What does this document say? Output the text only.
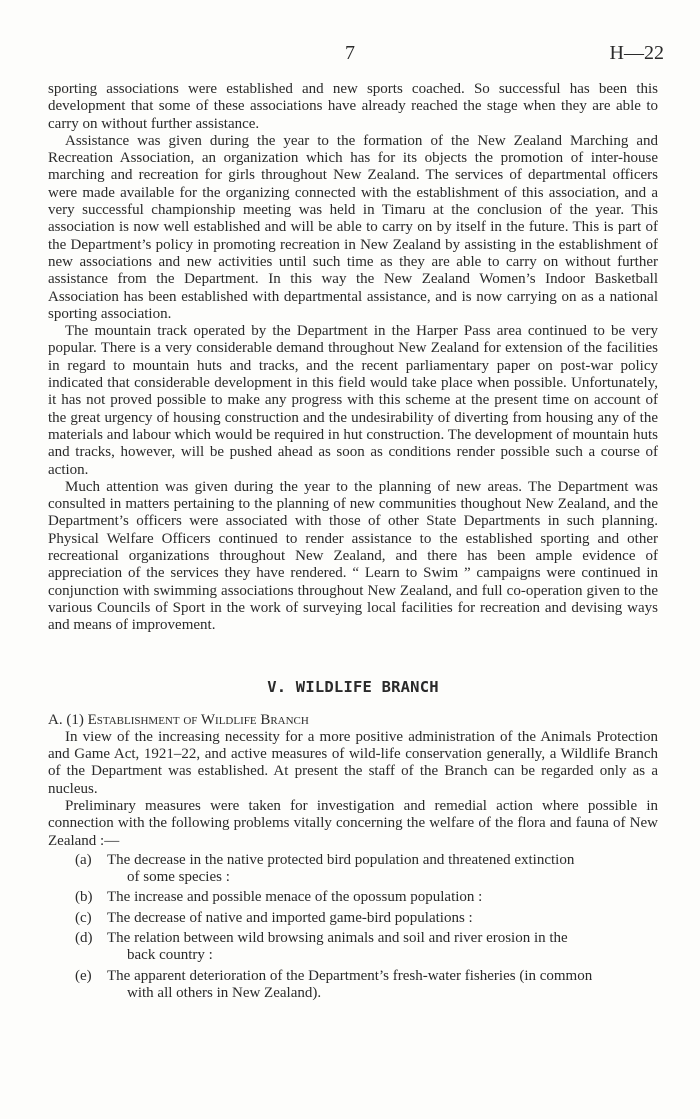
7	H—22

sporting associations were established and new sports coached. So successful has been this development that some of these associations have already reached the stage when they are able to carry on without further assistance.

Assistance was given during the year to the formation of the New Zealand Marching and Recreation Association, an organization which has for its objects the promotion of inter-house marching and recreation for girls throughout New Zealand. The services of departmental officers were made available for the organizing connected with the establishment of this association, and a very successful championship meeting was held in Timaru at the conclusion of the year. This association is now well established and will be able to carry on by itself in the future. This is part of the Department’s policy in promoting recreation in New Zealand by assisting in the establishment of new associations and new activities until such time as they are able to carry on without further assistance from the Department. In this way the New Zealand Women’s Indoor Basketball Association has been established with departmental assistance, and is now carrying on as a national sporting association.

The mountain track operated by the Department in the Harper Pass area continued to be very popular. There is a very considerable demand throughout New Zealand for extension of the facilities in regard to mountain huts and tracks, and the recent parliamentary paper on post-war policy indicated that considerable development in this field would take place when possible. Unfortunately, it has not proved possible to make any progress with this scheme at the present time on account of the great urgency of housing construction and the undesirability of diverting from housing any of the materials and labour which would be required in hut construction. The development of mountain huts and tracks, however, will be pushed ahead as soon as conditions render possible such a course of action.

Much attention was given during the year to the planning of new areas. The Department was consulted in matters pertaining to the planning of new communities thoughout New Zealand, and the Department’s officers were associated with those of other State Departments in such planning. Physical Welfare Officers continued to render assistance to the established sporting and other recreational organizations throughout New Zealand, and there has been ample evidence of appreciation of the services they have rendered. “ Learn to Swim ” campaigns were continued in conjunction with swimming associations throughout New Zealand, and full co-operation given to the various Councils of Sport in the work of surveying local facilities for recreation and devising ways and means of improvement.

V. WILDLIFE BRANCH
A. (1) Establishment of Wildlife Branch

In view of the increasing necessity for a more positive administration of the Animals Protection and Game Act, 1921–22, and active measures of wild-life conservation generally, a Wildlife Branch of the Department was established. At present the staff of the Branch can be regarded only as a nucleus.

Preliminary measures were taken for investigation and remedial action where possible in connection with the following problems vitally concerning the welfare of the flora and fauna of New Zealand :—

(a)	The decrease in the native protected bird population and threatened extinction
of some species :
(b) The increase and possible menace of the opossum population :
(c)	The decrease of native and imported game-bird populations :
(d) The relation between wild browsing animals and soil and river erosion in the
back country :
(e)	The apparent deterioration of the Department’s fresh-water fisheries (in common
with all others in New Zealand).
